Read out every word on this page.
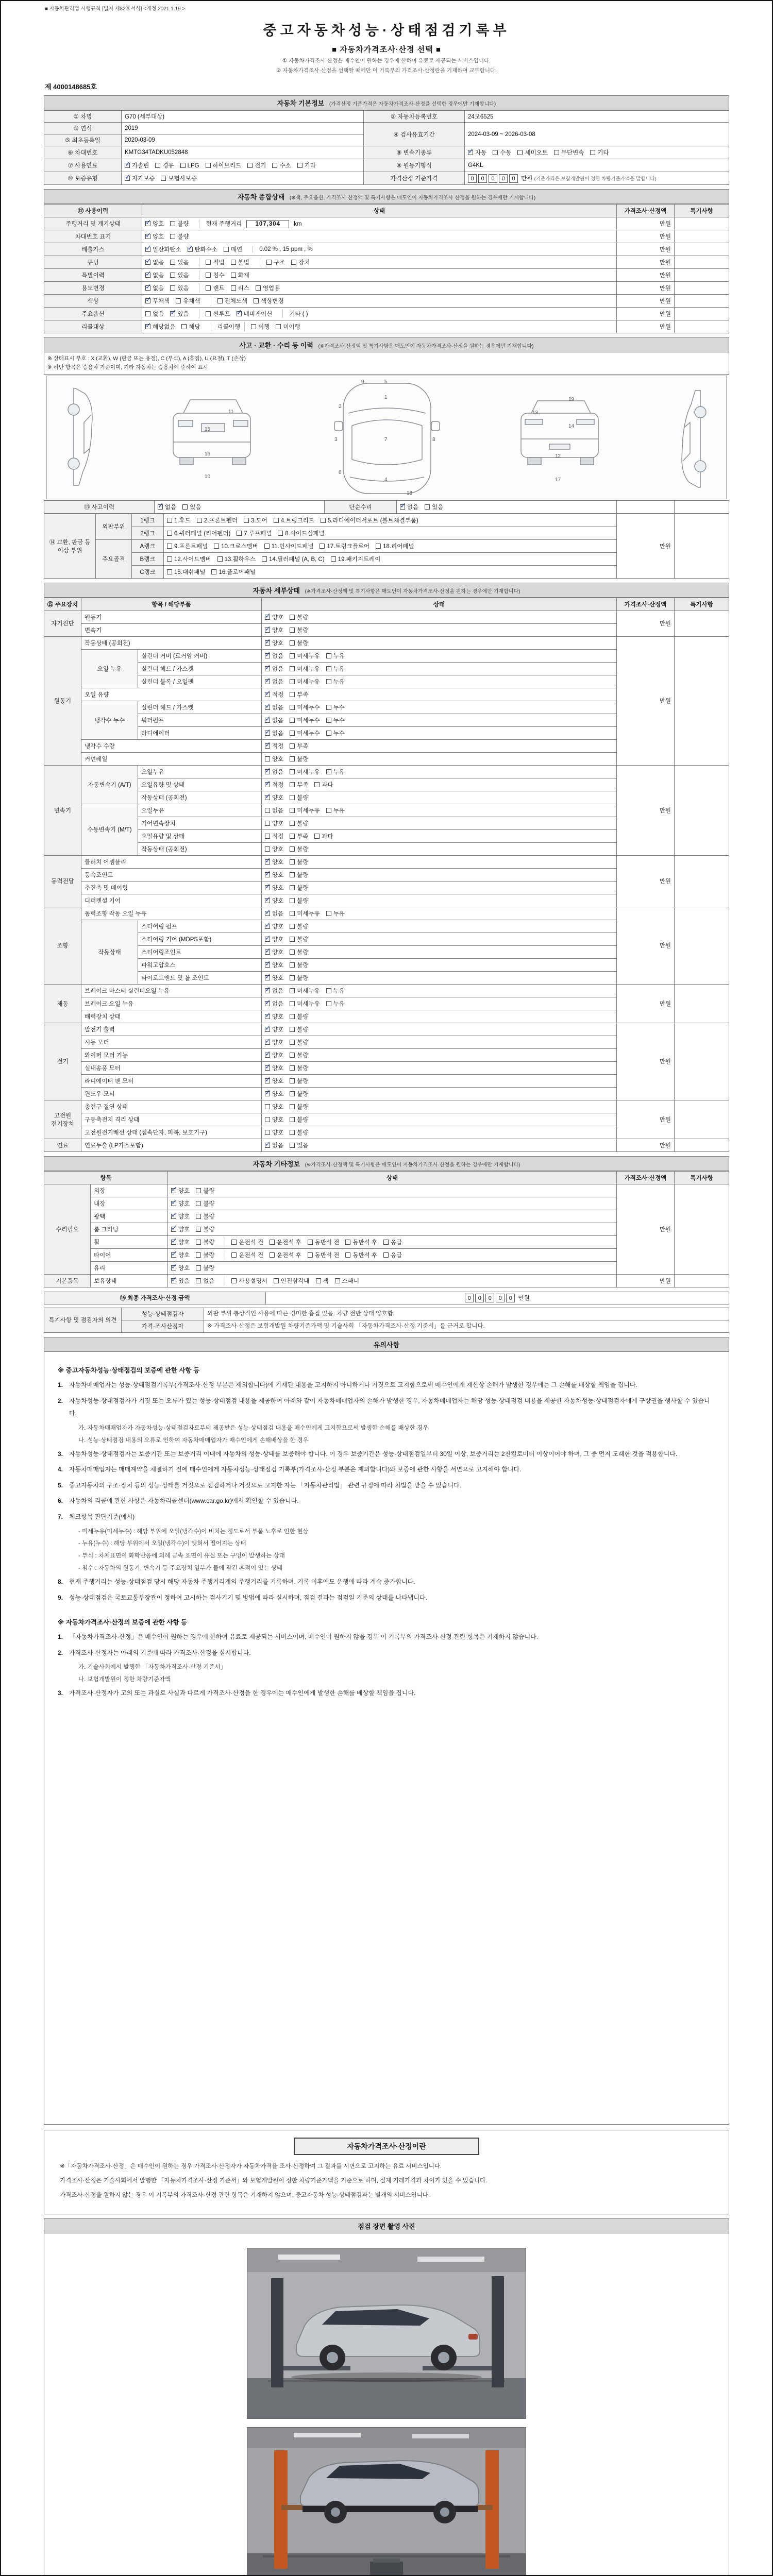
■ 자동차관리법 시행규칙 [별지 제82호서식] <개정 2021.1.19.>
중고자동차성능·상태점검기록부
■ 자동차가격조사·산정 선택 ■
① 자동차가격조사·산정은 매수인이 원하는 경우에 한하여 유료로 제공되는 서비스입니다.
② 자동차가격조사·산정을 선택할 때에만 이 기록부의 가격조사·산정란을 기재하여 교부합니다.
제 4000148685호
자동차 기본정보 (가격산정 기준가격은 자동차가격조사·산정을 선택한 경우에만 기재합니다)
① 차명	G70 (세부대상)	② 자동차등록번호	24모6525
③ 연식	2019	④ 검사유효기간	2024-03-09 ~ 2026-03-08
⑤ 최초등록일	2020-03-09		
⑥ 차대번호	KMTG34TADKU052848	⑨ 변속기종류	✓자동 수동 세미오토 무단변속 기타
⑦ 사용연료	✓가솔린 경유 LPG 하이브리드 전기 수소 기타	⑧ 원동기형식	G4KL
⑩ 보증유형	✓자가보증 보험사보증	가격산정 기준가격	0 0 0 0 0 만원 (기준가격은 보험개발원이 정한 차량기준가액을 말합니다)
자동차 종합상태 (※색, 주요옵션, 가격조사·산정액 및 특기사항은 매도인이 자동차가격조사·산정을 원하는 경우에만 기재합니다)
⑫ 사용이력	상태	가격조사·산정액	특기사항
주행거리 및 계기상태	✓양호 불량 현재 주행거리 107,304 km	만원	
차대번호 표기	✓양호 불량	만원	
배출가스	✓일산화탄소 ✓ 탄화수소 매연 0.02 % , 15 ppm , %	만원	
튜닝	✓없음 있음 적법 불법 구조 장치	만원	
특별이력	✓없음 있음 침수 화재	만원	
용도변경	✓없음 있음 렌트 리스 영업용	만원	
색상	✓무채색 유채색 전체도색 색상변경	만원	
주요옵션	없음 ✓ 있음 썬루프 ✓ 네비게이션 기타 ( )	만원	
리콜대상	✓해당없음 해당 리콜이행 이행 미이행	만원	
사고 · 교환 · 수리 등 이력 (※가격조사·산정액 및 특기사항은 매도인이 자동차가격조사·산정을 원하는 경우에만 기재합니다)
※ 상태표시 부호 : X (교환), W (판금 또는 용접), C (부식), A (흠집), U (요철), T (손상)
※ 하단 항목은 승용차 기준이며, 기타 자동차는 승용차에 준하여 표시
5
1
9
2
3
6
7
4
18
8
10
11
15
16	12
13
14
17
19
⑬ 사고이력	✓없음 있음	단순수리	✓없음 있음		
⑭ 교환, 판금 등 이상 부위	외판부위	1랭크	1.후드 2.프론트펜더 3.도어 4.트렁크리드 5.라디에이터서포트 (볼트체결부품)	만원	
		2랭크	6.쿼터패널 (리어펜더) 7.루프패널 8.사이드실패널		
	주요골격	A랭크	9.프론트패널 10.크로스멤버 11.인사이드패널 17.트렁크플로어 18.리어패널		
		B랭크	12.사이드멤버 13.휠하우스 14.필러패널 (A, B, C) 19.패키지트레이		
		C랭크	15.대쉬패널 16.플로어패널		
자동차 세부상태 (※가격조사·산정액 및 특기사항은 매도인이 자동차가격조사·산정을 원하는 경우에만 기재합니다)
⑮ 주요장치	항목 / 해당부품		상태	가격조사·산정액	특기사항
자기진단	원동기	✓양호 불량	만원	
	변속기	✓양호 불량
원동기	작동상태 (공회전)	✓양호 불량	만원	
	오일 누유	실린더 커버 (로커암 커버)	✓없음 미세누유 누유
		실린더 헤드 / 가스켓	✓없음 미세누유 누유
		실린더 블록 / 오일팬	✓없음 미세누유 누유
	오일 유량	✓적정 부족
	냉각수 누수	실린더 헤드 / 가스켓	✓없음 미세누수 누수
		워터펌프	✓없음 미세누수 누수
		라디에이터	✓없음 미세누수 누수
	냉각수 수량	✓적정 부족
	커먼레일		양호 불량		
변속기	자동변속기 (A/T)	오일누유	✓없음 미세누유 누유	만원	
		오일유량 및 상태	✓적정 부족 과다
		작동상태 (공회전)	✓양호 불량
	수동변속기 (M/T)	오일누유	없음 미세누유 누유		
		기어변속장치	양호 불량		
		오일유량 및 상태	적정 부족 과다		
		작동상태 (공회전)	양호 불량		
동력전달	클러치 어셈블리	✓양호 불량	만원	
	등속조인트	✓양호 불량
	추진축 및 베어링	✓양호 불량
	디퍼렌셜 기어	✓양호 불량
조향	동력조향 작동 오일 누유	✓없음 미세누유 누유	만원	
	작동상태	스티어링 펌프	✓양호 불량
		스티어링 기어 (MDPS포함)	✓양호 불량
		스티어링조인트	✓양호 불량
		파워고압호스	✓양호 불량
		타이로드엔드 및 볼 조인트	✓양호 불량
제동	브레이크 마스터 실린더오일 누유	✓없음 미세누유 누유	만원	
	브레이크 오일 누유	✓없음 미세누유 누유
	배력장치 상태	✓양호 불량
전기	발전기 출력	✓양호 불량	만원	
	시동 모터	✓양호 불량
	와이퍼 모터 기능	✓양호 불량
	실내송풍 모터	✓양호 불량
	라디에이터 팬 모터	✓양호 불량
	윈도우 모터	✓양호 불량
고전원 전기장치	충전구 절연 상태		양호 불량	만원	
	구동축전지 격리 상태		양호 불량		
	고전원전기배선 상태 (접속단자, 피복, 보호기구)		양호 불량		
연료	연료누출 (LP가스포함)	✓없음 있음	만원	
자동차 기타정보 (※가격조사·산정액 및 특기사항은 매도인이 자동차가격조사·산정을 원하는 경우에만 기재합니다)
항목		상태	가격조사·산정액	특기사항
수리필요	외장	✓양호 불량	만원	
	내장	✓양호 불량
	광택	✓양호 불량
	룸 크리닝	✓양호 불량
	휠	✓양호 불량 운전석 전 운전석 후 동반석 전 동반석 후 응급
	타이어	✓양호 불량 운전석 전 운전석 후 동반석 전 동반석 후 응급
	유리	✓양호 불량
기본품목	보유상태	✓있음 없음 사용설명서 안전삼각대 잭 스패너	만원	
⑯ 최종 가격조사·산정 금액	0 0 0 0 0 만원
특기사항 및 점검자의 의견	성능·상태점검자	외판 부위 통상적인 사용에 따른 경미한 흠집 있음. 차량 전반 상태 양호함.
	가격·조사산정자	※ 가격조사·산정은 보험개발원 차량기준가액 및 기술사회 「자동차가격조사·산정 기준서」를 근거로 합니다.
유의사항
※ 중고자동차성능·상태점검의 보증에 관한 사항 등
1. 자동차매매업자는 성능·상태점검기록부(가격조사·산정 부분은 제외합니다)에 기재된 내용을 고지하지 아니하거나 거짓으로 고지함으로써 매수인에게 재산상 손해가 발생한 경우에는 그 손해를 배상할 책임을 집니다.
2. 자동차성능·상태점검자가 거짓 또는 오류가 있는 성능·상태점검 내용을 제공하여 아래와 같이 자동차매매업자의 손해가 발생한 경우, 자동차매매업자는 해당 성능·상태점검 내용을 제공한 자동차성능·상태점검자에게 구상권을 행사할 수 있습니다.
가. 자동차매매업자가 자동차성능·상태점검자로부터 제공받은 성능·상태점검 내용을 매수인에게 고지함으로써 발생한 손해를 배상한 경우
나. 성능·상태점검 내용의 오류로 인하여 자동차매매업자가 매수인에게 손해배상을 한 경우
3. 자동차성능·상태점검자는 보증기간 또는 보증거리 이내에 자동차의 성능·상태를 보증해야 합니다. 이 경우 보증기간은 성능·상태점검일부터 30일 이상, 보증거리는 2천킬로미터 이상이어야 하며, 그 중 먼저 도래한 것을 적용합니다.
4. 자동차매매업자는 매매계약을 체결하기 전에 매수인에게 자동차성능·상태점검 기록부(가격조사·산정 부분은 제외합니다)와 보증에 관한 사항을 서면으로 고지해야 합니다.
5. 중고자동차의 구조·장치 등의 성능·상태를 거짓으로 점검하거나 거짓으로 고지한 자는 「자동차관리법」 관련 규정에 따라 처벌을 받을 수 있습니다.
6. 자동차의 리콜에 관한 사항은 자동차리콜센터(www.car.go.kr)에서 확인할 수 있습니다.
7. 체크항목 판단기준(예시)
- 미세누유(미세누수) : 해당 부위에 오일(냉각수)이 비치는 정도로서 부품 노후로 인한 현상
- 누유(누수) : 해당 부위에서 오일(냉각수)이 맺혀서 떨어지는 상태
- 부식 : 차체표면이 화학반응에 의해 금속 표면이 유실 또는 구멍이 발생하는 상태
- 침수 : 자동차의 원동기, 변속기 등 주요장치 일부가 물에 잠긴 흔적이 있는 상태
8. 현재 주행거리는 성능·상태점검 당시 해당 자동차 주행거리계의 주행거리를 기록하며, 기록 이후에도 운행에 따라 계속 증가합니다.
9. 성능·상태점검은 국토교통부장관이 정하여 고시하는 검사기기 및 방법에 따라 실시하며, 점검 결과는 점검일 기준의 상태를 나타냅니다.
※ 자동차가격조사·산정의 보증에 관한 사항 등
1. 「자동차가격조사·산정」은 매수인이 원하는 경우에 한하여 유료로 제공되는 서비스이며, 매수인이 원하지 않을 경우 이 기록부의 가격조사·산정 관련 항목은 기재하지 않습니다.
2. 가격조사·산정자는 아래의 기준에 따라 가격조사·산정을 실시합니다.
가. 기술사회에서 발행한 「자동차가격조사·산정 기준서」
나. 보험개발원이 정한 차량기준가액
3. 가격조사·산정자가 고의 또는 과실로 사실과 다르게 가격조사·산정을 한 경우에는 매수인에게 발생한 손해를 배상할 책임을 집니다.
자동차가격조사·산정이란

※「자동차가격조사·산정」은 매수인이 원하는 경우 가격조사·산정자가 자동차가격을 조사·산정하여 그 결과를 서면으로 고지하는 유료 서비스입니다.

가격조사·산정은 기술사회에서 발행한 「자동차가격조사·산정 기준서」와 보험개발원이 정한 차량기준가액을 기준으로 하며, 실제 거래가격과 차이가 있을 수 있습니다.

가격조사·산정을 원하지 않는 경우 이 기록부의 가격조사·산정 관련 항목은 기재하지 않으며, 중고자동차 성능·상태점검과는 별개의 서비스입니다.

점검 장면 촬영 사진
